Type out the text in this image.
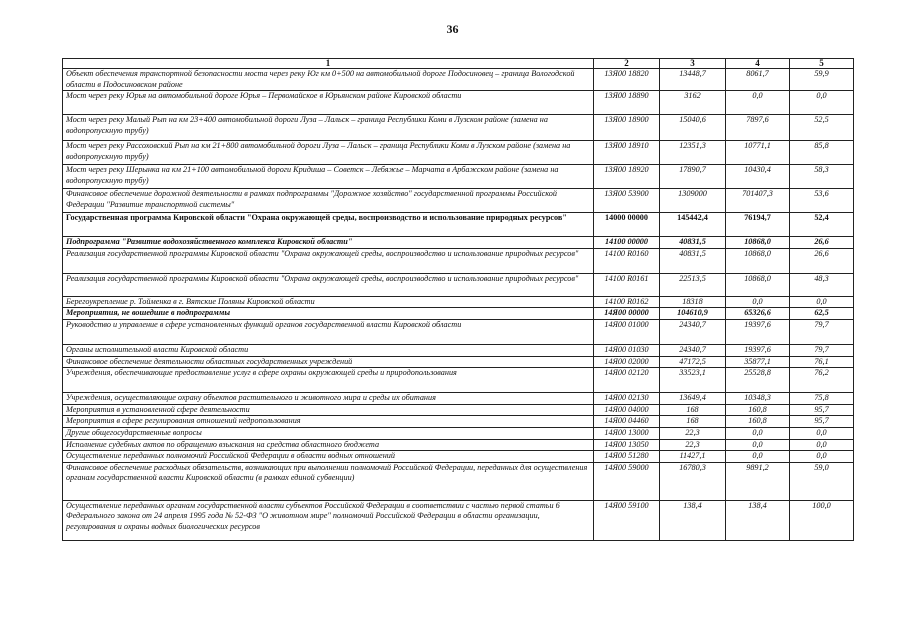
36
1	2	3	4	5
Объект обеспечения транспортной безопасности моста через реку Юг км 0+500 на автомобильной дороге Подосиновец – граница Вологодской области в Подосиновском районе	13Я00 18820	13448,7	8061,7	59,9
Мост через реку Юрья на автомобильной дороге Юрья – Первомайское в Юрьянском районе Кировской области	13Я00 18890	3162	0,0	0,0
Мост через реку Малый Рып на км 23+400 автомобильной дороги Луза – Лальск – граница Республики Коми в Лузском районе (замена на водопропускную трубу)	13Я00 18900	15040,6	7897,6	52,5
Мост через реку Рассоховский Рып на км 21+800 автомобильной дороги Луза – Лальск – граница Республики Коми в Лузском районе (замена на водопропускную трубу)	13Я00 18910	12351,3	10771,1	85,8
Мост через реку Шерынка на км 21+100 автомобильной дороги Кридиша – Советск – Лебяжье – Марчата в Арбажском районе (замена на водопропускную трубу)	13Я00 18920	17890,7	10430,4	58,3
Финансовое обеспечение дорожной деятельности в рамках подпрограммы "Дорожное хозяйство" государственной программы Российской Федерации "Развитие транспортной системы"	13Я00 53900	1309000	701407,3	53,6
Государственная программа Кировской области "Охрана окружающей среды, воспроизводство и использование природных ресурсов"	14000 00000	145442,4	76194,7	52,4
Подпрограмма "Развитие водохозяйственного комплекса Кировской области"	14100 00000	40831,5	10868,0	26,6
Реализация государственной программы Кировской области "Охрана окружающей среды, воспроизводство и использование природных ресурсов"	14100 R0160	40831,5	10868,0	26,6
Реализация государственной программы Кировской области "Охрана окружающей среды, воспроизводство и использование природных ресурсов"	14100 R0161	22513,5	10868,0	48,3
Берегоукрепление р. Тойменка в г. Вятские Поляны Кировской области	14100 R0162	18318	0,0	0,0
Мероприятия, не вошедшие в подпрограммы	14Я00 00000	104610,9	65326,6	62,5
Руководство и управление в сфере установленных функций органов государственной власти Кировской области	14Я00 01000	24340,7	19397,6	79,7
Органы исполнительной власти Кировской области	14Я00 01030	24340,7	19397,6	79,7
Финансовое обеспечение деятельности областных государственных учреждений	14Я00 02000	47172,5	35877,1	76,1
Учреждения, обеспечивающие предоставление услуг в сфере охраны окружающей среды и природопользования	14Я00 02120	33523,1	25528,8	76,2
Учреждения, осуществляющие охрану объектов растительного и животного мира и среды их обитания	14Я00 02130	13649,4	10348,3	75,8
Мероприятия в установленной сфере деятельности	14Я00 04000	168	160,8	95,7
Мероприятия в сфере регулирования отношений недропользования	14Я00 04460	168	160,8	95,7
Другие общегосударственные вопросы	14Я00 13000	22,3	0,0	0,0
Исполнение судебных актов по обращению взыскания на средства областного бюджета	14Я00 13050	22,3	0,0	0,0
Осуществление переданных полномочий Российской Федерации в области водных отношений	14Я00 51280	11427,1	0,0	0,0
Финансовое обеспечение расходных обязательств, возникающих при выполнении полномочий Российской Федерации, переданных для осуществления органам государственной власти Кировской области (в рамках единой субвенции)	14Я00 59000	16780,3	9891,2	59,0
Осуществление переданных органам государственной власти субъектов Российской Федерации в соответствии с частью первой статьи 6 Федерального закона от 24 апреля 1995 года № 52-ФЗ "О животном мире" полномочий Российской Федерации в области организации, регулирования и охраны водных биологических ресурсов	14Я00 59100	138,4	138,4	100,0
